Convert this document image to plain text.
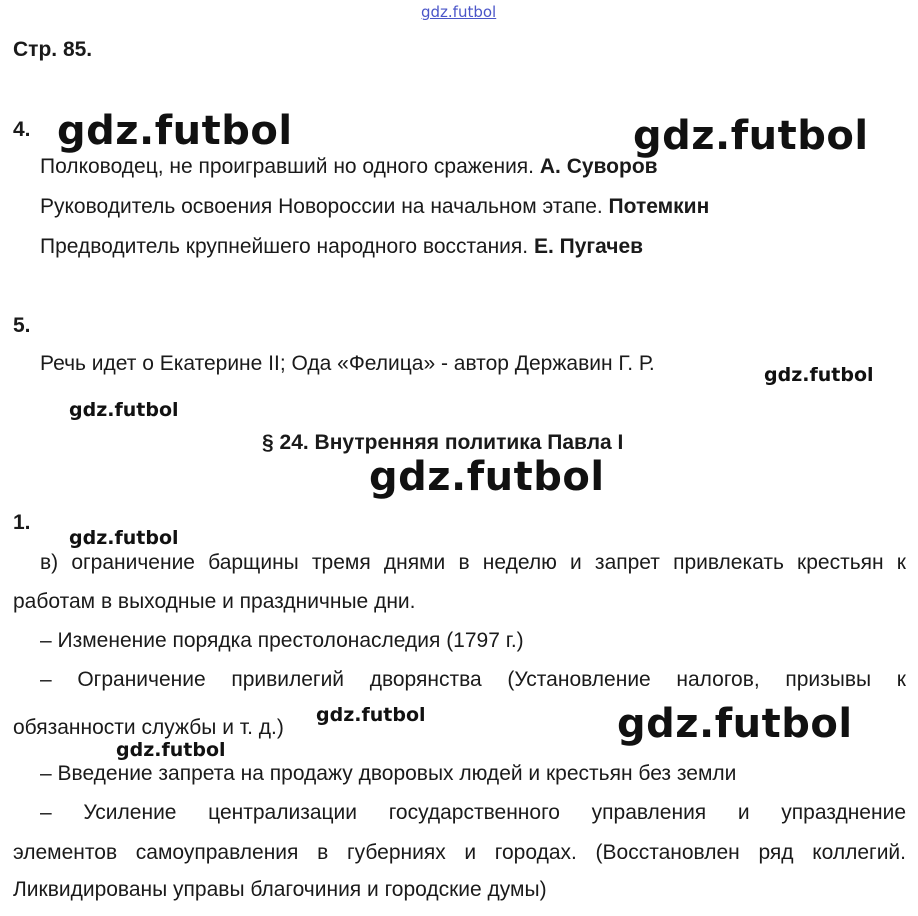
gdz.futbol
Стр. 85.
4.
Полководец, не проигравший но одного сражения. А. Суворов
Руководитель освоения Новороссии на начальном этапе. Потемкин
Предводитель крупнейшего народного восстания. Е. Пугачев
5.
Речь идет о Екатерине II; Ода «Фелица» - автор Державин Г. Р.
§ 24. Внутренняя политика Павла I
1.
в) ограничение барщины тремя днями в неделю и запрет привлекать крестьян к
работам в выходные и праздничные дни.
– Изменение порядка престолонаследия (1797 г.)
– Ограничение привилегий дворянства (Установление налогов, призывы к
обязанности службы и т. д.)
– Введение запрета на продажу дворовых людей и крестьян без земли
– Усиление централизации государственного управления и упразднение
элементов самоуправления в губерниях и городах. (Восстановлен ряд коллегий.
Ликвидированы управы благочиния и городские думы)
gdz.futbol	gdz.futbol
gdz.futbol
gdz.futbol
gdz.futbol
gdz.futbol
gdz.futbol	gdz.futbol
gdz.futbol
